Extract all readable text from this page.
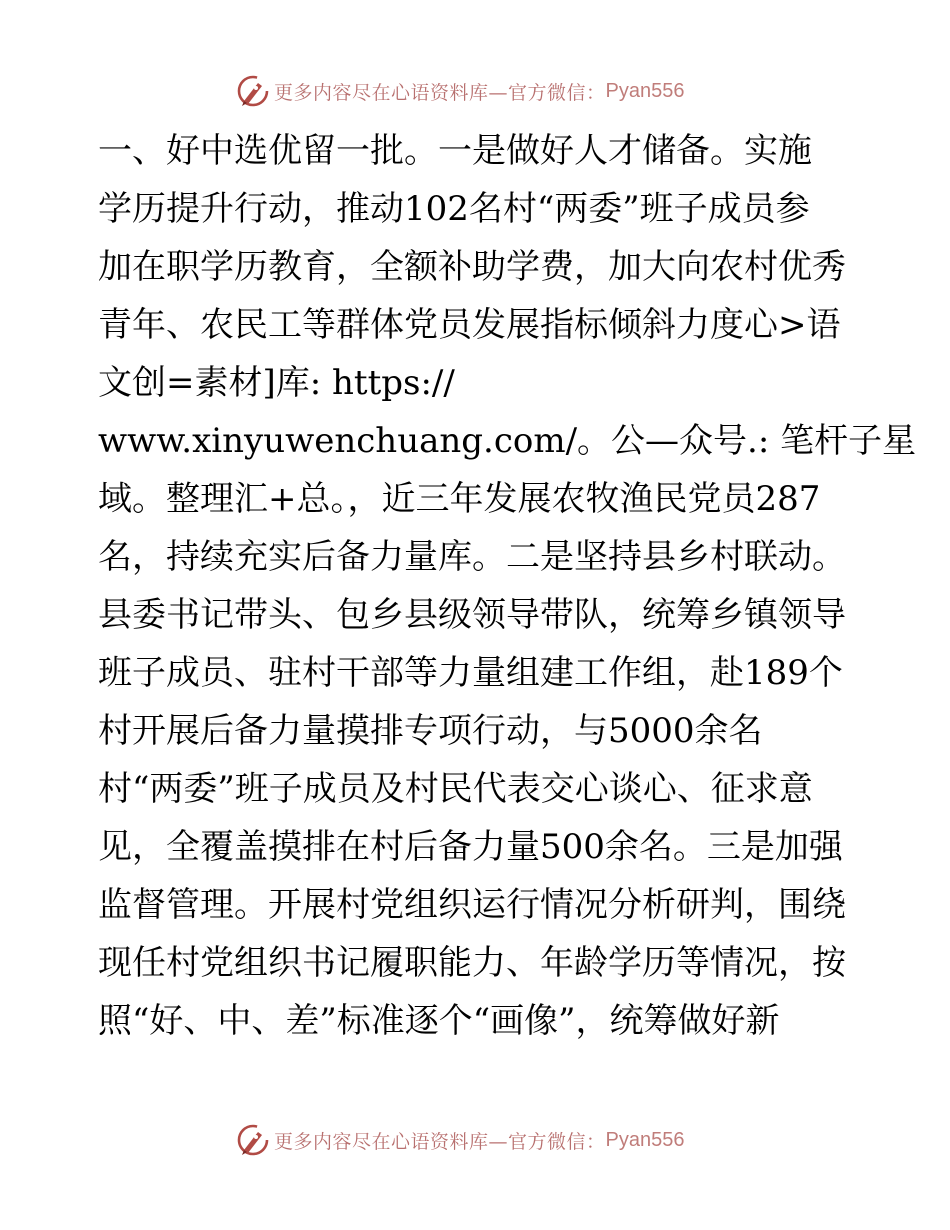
更多内容尽在心语资料库—官方微信： Pyan556
一、好中选优留一批。一是做好人才储备。实施
学历提升行动，推动102名村“两委”班子成员参
加在职学历教育，全额补助学费，加大向农村优秀
青年、农民工等群体党员发展指标倾斜力度心>语
文创=素材]库: https://
www.xinyuwenchuang.com/。公—众号.: 笔杆子星
域。整理汇+总。，近三年发展农牧渔民党员287
名，持续充实后备力量库。二是坚持县乡村联动。
县委书记带头、包乡县级领导带队，统筹乡镇领导
班子成员、驻村干部等力量组建工作组，赴189个
村开展后备力量摸排专项行动，与5000余名
村“两委”班子成员及村民代表交心谈心、征求意
见，全覆盖摸排在村后备力量500余名。三是加强
监督管理。开展村党组织运行情况分析研判，围绕
现任村党组织书记履职能力、年龄学历等情况，按
照“好、中、差”标准逐个“画像”，统筹做好新
更多内容尽在心语资料库—官方微信： Pyan556
